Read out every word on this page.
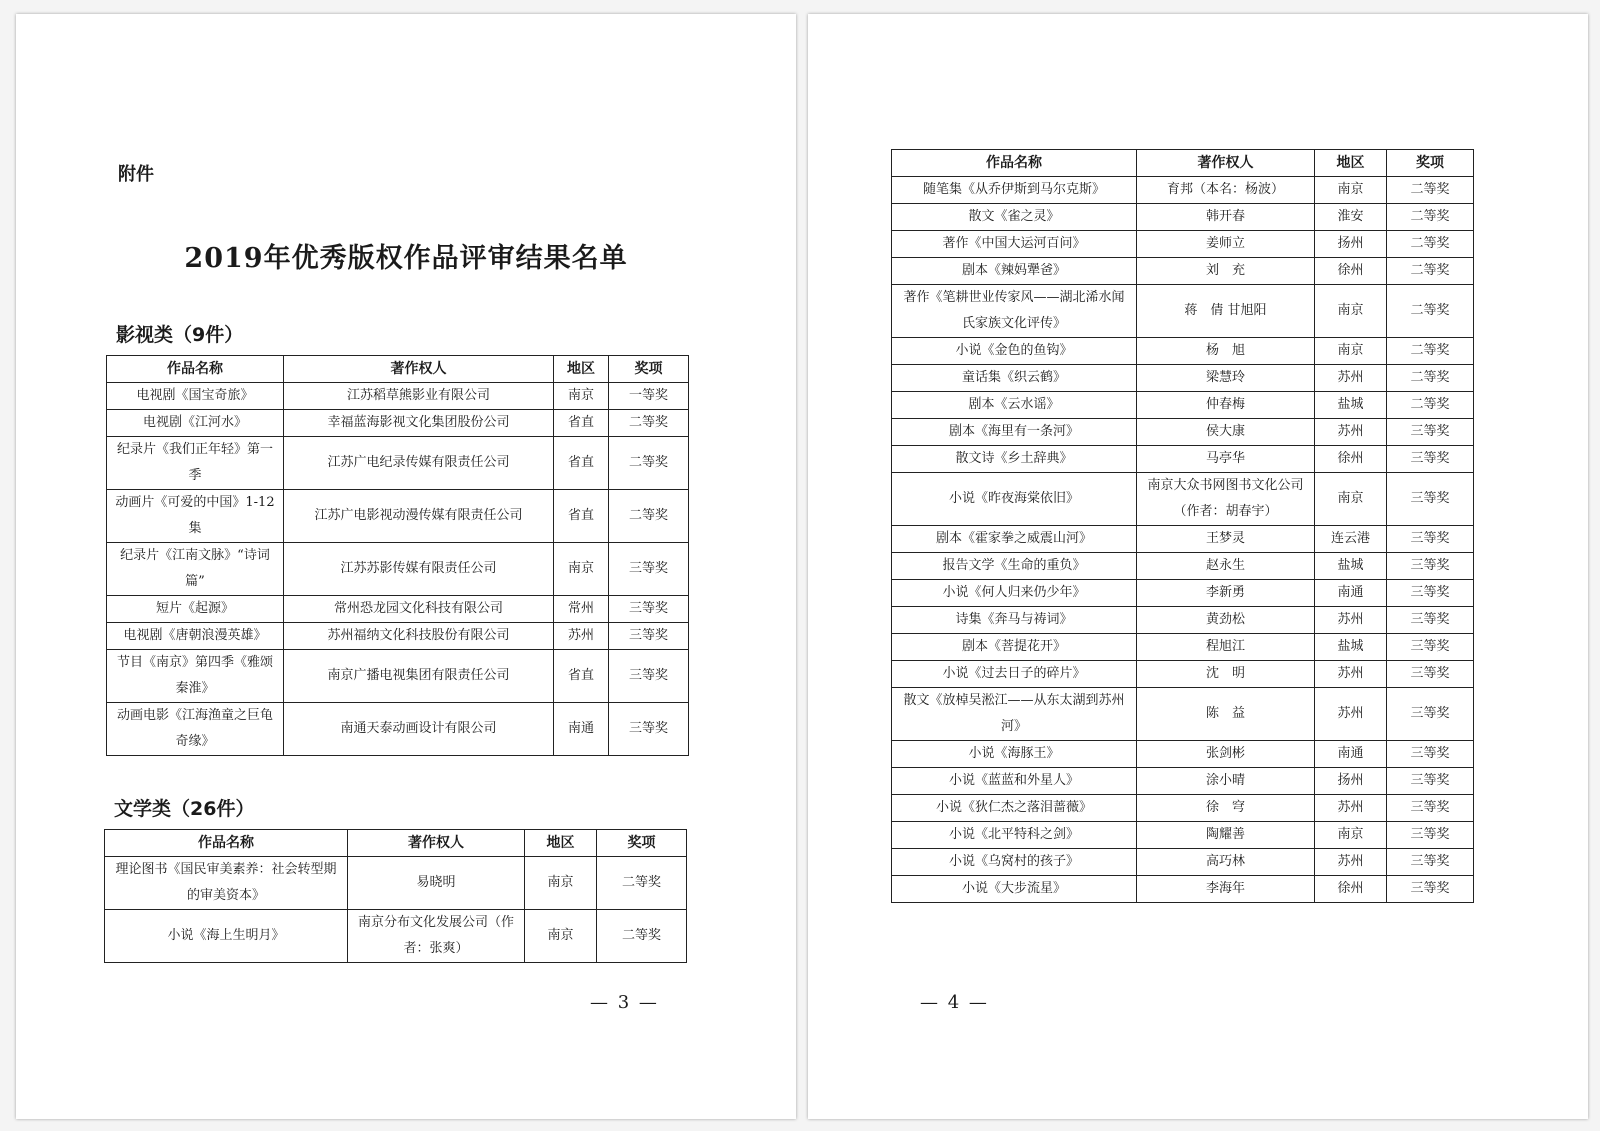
附件
2019年优秀版权作品评审结果名单
影视类（9件）
作品名称	著作权人	地区	奖项
电视剧《国宝奇旅》	江苏稻草熊影业有限公司	南京	一等奖
电视剧《江河水》	幸福蓝海影视文化集团股份公司	省直	二等奖
纪录片《我们正年轻》第一季	江苏广电纪录传媒有限责任公司	省直	二等奖
动画片《可爱的中国》1-12集	江苏广电影视动漫传媒有限责任公司	省直	二等奖
纪录片《江南文脉》“诗词篇”	江苏苏影传媒有限责任公司	南京	三等奖
短片《起源》	常州恐龙园文化科技有限公司	常州	三等奖
电视剧《唐朝浪漫英雄》	苏州福纳文化科技股份有限公司	苏州	三等奖
节目《南京》第四季《雅颂秦淮》	南京广播电视集团有限责任公司	省直	三等奖
动画电影《江海渔童之巨龟奇缘》	南通天泰动画设计有限公司	南通	三等奖
文学类（26件）
作品名称	著作权人	地区	奖项
理论图书《国民审美素养：社会转型期的审美资本》	易晓明	南京	二等奖
小说《海上生明月》	南京分布文化发展公司（作者：张爽）	南京	二等奖
— 3 —
作品名称	著作权人	地区	奖项
随笔集《从乔伊斯到马尔克斯》	育邦（本名：杨波）	南京	二等奖
散文《雀之灵》	韩开春	淮安	二等奖
著作《中国大运河百问》	姜师立	扬州	二等奖
剧本《辣妈犟爸》	刘　充	徐州	二等奖
著作《笔耕世业传家风——湖北浠水闻氏家族文化评传》	蒋　倩 甘旭阳	南京	二等奖
小说《金色的鱼钩》	杨　旭	南京	二等奖
童话集《织云鹤》	梁慧玲	苏州	二等奖
剧本《云水谣》	仲春梅	盐城	二等奖
剧本《海里有一条河》	侯大康	苏州	三等奖
散文诗《乡土辞典》	马亭华	徐州	三等奖
小说《昨夜海棠依旧》	南京大众书网图书文化公司（作者：胡春宇）	南京	三等奖
剧本《霍家拳之威震山河》	王梦灵	连云港	三等奖
报告文学《生命的重负》	赵永生	盐城	三等奖
小说《何人归来仍少年》	李新勇	南通	三等奖
诗集《奔马与祷词》	黄劲松	苏州	三等奖
剧本《菩提花开》	程旭江	盐城	三等奖
小说《过去日子的碎片》	沈　明	苏州	三等奖
散文《放棹吴淞江——从东太湖到苏州河》	陈　益	苏州	三等奖
小说《海豚王》	张剑彬	南通	三等奖
小说《蓝蓝和外星人》	涂小晴	扬州	三等奖
小说《狄仁杰之落泪蔷薇》	徐　穹	苏州	三等奖
小说《北平特科之剑》	陶耀善	南京	三等奖
小说《乌窝村的孩子》	高巧林	苏州	三等奖
小说《大步流星》	李海年	徐州	三等奖
— 4 —
